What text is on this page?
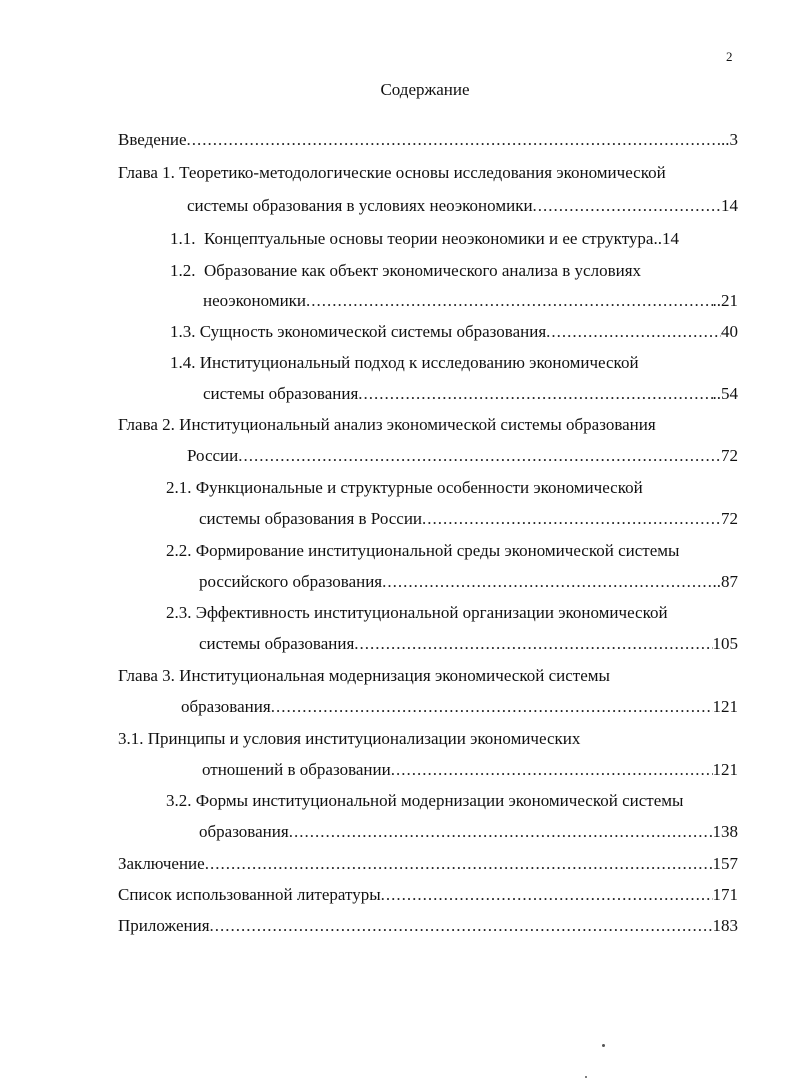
2
Содержание
Введение .....	..3
Глава 1. Теоретико-методологические основы исследования экономической
системы образования в условиях неоэкономики .....	14
1.1.  Концептуальные основы теории неоэкономики и ее структура..14
1.2.  Образование как объект экономического анализа в условиях
неоэкономики .....	..21
1.3. Сущность экономической системы образования .....	40
1.4. Институциональный подход к исследованию экономической
системы образования .....	..54
Глава 2. Институциональный анализ экономической системы образования
России .....	72
2.1. Функциональные и структурные особенности экономической
системы образования в России .....	72
2.2. Формирование институциональной среды экономической системы
российского образования .....	..87
2.3. Эффективность институциональной организации экономической
системы образования .....	105
Глава 3. Институциональная модернизация экономической системы
образования .....	121
3.1. Принципы и условия институционализации экономических
отношений в образовании .....	121
3.2. Формы институциональной модернизации экономической системы
образования .....	138
Заключение .....	157
Список использованной литературы .....	171
Приложения .....	183
